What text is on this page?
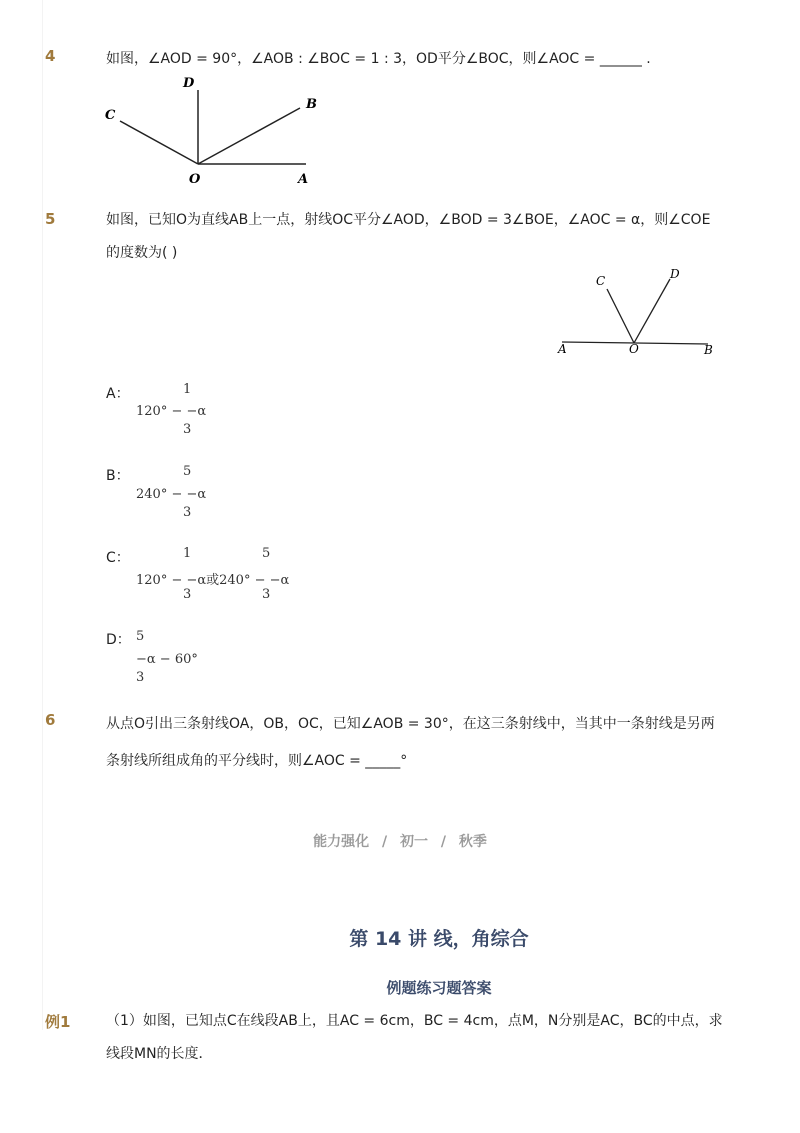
4	如图，∠AOD = 90°，∠AOB : ∠BOC = 1 : 3，OD平分∠BOC，则∠AOC = ______ .
D
B
C
O	A
5	如图，已知O为直线AB上一点，射线OC平分∠AOD，∠BOD = 3∠BOE，∠AOC = α，则∠COE
的度数为( )
C	D
A	O	B
A：	1
120° − −α
3
B：	5
240° − −α
3
C：	1	5
120° − −α或240° − −α
3	3
D： 5
−α − 60°
3
6	从点O引出三条射线OA，OB，OC，已知∠AOB = 30°，在这三条射线中，当其中一条射线是另两
条射线所组成角的平分线时，则∠AOC = _____°
能力强化 / 初一 / 秋季
第 14 讲 线，角综合
例题练习题答案
例1	（1）如图，已知点C在线段AB上，且AC = 6cm，BC = 4cm，点M，N分别是AC，BC的中点，求
线段MN的长度．
